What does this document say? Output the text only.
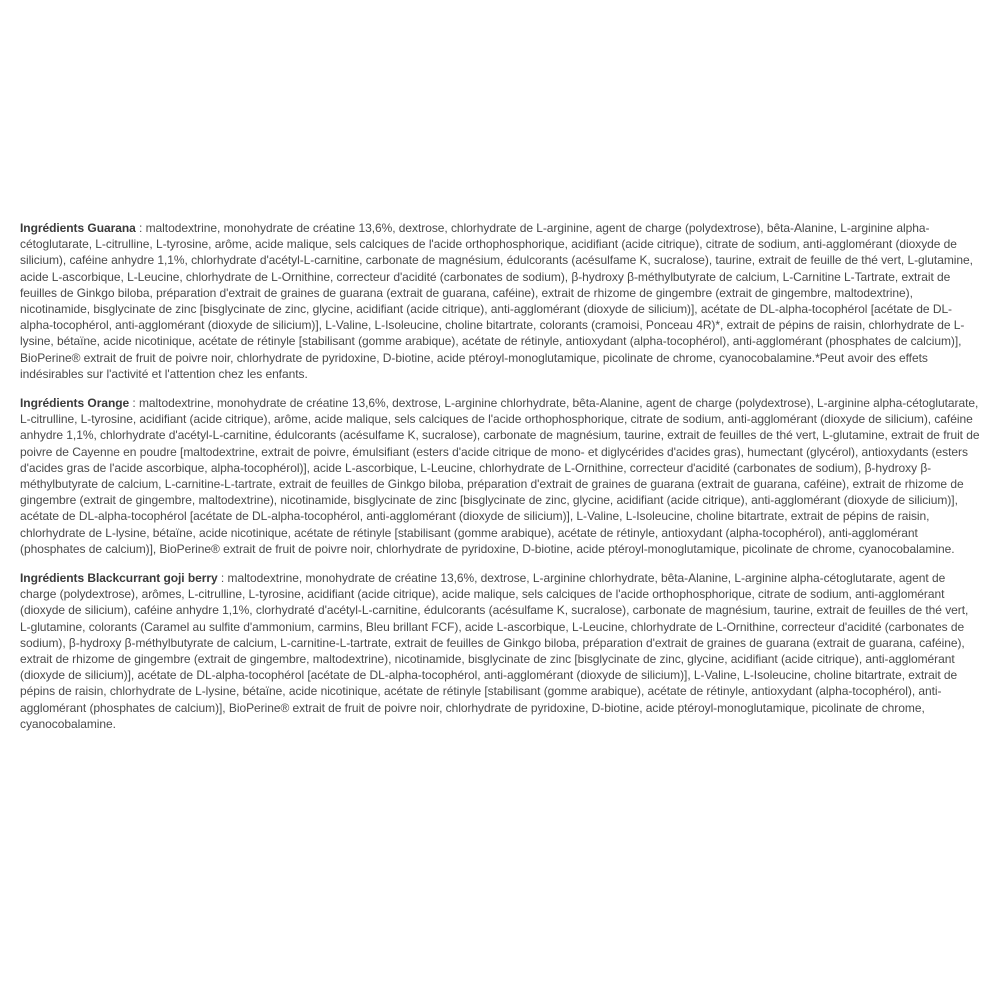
Ingrédients Guarana : maltodextrine, monohydrate de créatine 13,6%, dextrose, chlorhydrate de L-arginine, agent de charge (polydextrose), bêta-Alanine, L-arginine alpha-cétoglutarate, L-citrulline, L-tyrosine, arôme, acide malique, sels calciques de l'acide orthophosphorique, acidifiant (acide citrique), citrate de sodium, anti-agglomérant (dioxyde de silicium), caféine anhydre 1,1%, chlorhydrate d'acétyl-L-carnitine, carbonate de magnésium, édulcorants (acésulfame K, sucralose), taurine, extrait de feuille de thé vert, L-glutamine, acide L-ascorbique, L-Leucine, chlorhydrate de L-Ornithine, correcteur d'acidité (carbonates de sodium), β-hydroxy β-méthylbutyrate de calcium, L-Carnitine L-Tartrate, extrait de feuilles de Ginkgo biloba, préparation d'extrait de graines de guarana (extrait de guarana, caféine), extrait de rhizome de gingembre (extrait de gingembre, maltodextrine), nicotinamide, bisglycinate de zinc [bisglycinate de zinc, glycine, acidifiant (acide citrique), anti-agglomérant (dioxyde de silicium)], acétate de DL-alpha-tocophérol [acétate de DL-alpha-tocophérol, anti-agglomérant (dioxyde de silicium)], L-Valine, L-Isoleucine, choline bitartrate, colorants (cramoisi, Ponceau 4R)*, extrait de pépins de raisin, chlorhydrate de L-lysine, bétaïne, acide nicotinique, acétate de rétinyle [stabilisant (gomme arabique), acétate de rétinyle, antioxydant (alpha-tocophérol), anti-agglomérant (phosphates de calcium)], BioPerine® extrait de fruit de poivre noir, chlorhydrate de pyridoxine, D-biotine, acide ptéroyl-monoglutamique, picolinate de chrome, cyanocobalamine.*Peut avoir des effets indésirables sur l'activité et l'attention chez les enfants.

Ingrédients Orange : maltodextrine, monohydrate de créatine 13,6%, dextrose, L-arginine chlorhydrate, bêta-Alanine, agent de charge (polydextrose), L-arginine alpha-cétoglutarate, L-citrulline, L-tyrosine, acidifiant (acide citrique), arôme, acide malique, sels calciques de l'acide orthophosphorique, citrate de sodium, anti-agglomérant (dioxyde de silicium), caféine anhydre 1,1%, chlorhydrate d'acétyl-L-carnitine, édulcorants (acésulfame K, sucralose), carbonate de magnésium, taurine, extrait de feuilles de thé vert, L-glutamine, extrait de fruit de poivre de Cayenne en poudre [maltodextrine, extrait de poivre, émulsifiant (esters d'acide citrique de mono- et diglycérides d'acides gras), humectant (glycérol), antioxydants (esters d'acides gras de l'acide ascorbique, alpha-tocophérol)], acide L-ascorbique, L-Leucine, chlorhydrate de L-Ornithine, correcteur d'acidité (carbonates de sodium), β-hydroxy β-méthylbutyrate de calcium, L-carnitine-L-tartrate, extrait de feuilles de Ginkgo biloba, préparation d'extrait de graines de guarana (extrait de guarana, caféine), extrait de rhizome de gingembre (extrait de gingembre, maltodextrine), nicotinamide, bisglycinate de zinc [bisglycinate de zinc, glycine, acidifiant (acide citrique), anti-agglomérant (dioxyde de silicium)], acétate de DL-alpha-tocophérol [acétate de DL-alpha-tocophérol, anti-agglomérant (dioxyde de silicium)], L-Valine, L-Isoleucine, choline bitartrate, extrait de pépins de raisin, chlorhydrate de L-lysine, bétaïne, acide nicotinique, acétate de rétinyle [stabilisant (gomme arabique), acétate de rétinyle, antioxydant (alpha-tocophérol), anti-agglomérant (phosphates de calcium)], BioPerine® extrait de fruit de poivre noir, chlorhydrate de pyridoxine, D-biotine, acide ptéroyl-monoglutamique, picolinate de chrome, cyanocobalamine.

Ingrédients Blackcurrant goji berry : maltodextrine, monohydrate de créatine 13,6%, dextrose, L-arginine chlorhydrate, bêta-Alanine, L-arginine alpha-cétoglutarate, agent de charge (polydextrose), arômes, L-citrulline, L-tyrosine, acidifiant (acide citrique), acide malique, sels calciques de l'acide orthophosphorique, citrate de sodium, anti-agglomérant (dioxyde de silicium), caféine anhydre 1,1%, clorhydraté d'acétyl-L-carnitine, édulcorants (acésulfame K, sucralose), carbonate de magnésium, taurine, extrait de feuilles de thé vert, L-glutamine, colorants (Caramel au sulfite d'ammonium, carmins, Bleu brillant FCF), acide L-ascorbique, L-Leucine, chlorhydrate de L-Ornithine, correcteur d'acidité (carbonates de sodium), β-hydroxy β-méthylbutyrate de calcium, L-carnitine-L-tartrate, extrait de feuilles de Ginkgo biloba, préparation d'extrait de graines de guarana (extrait de guarana, caféine), extrait de rhizome de gingembre (extrait de gingembre, maltodextrine), nicotinamide, bisglycinate de zinc [bisglycinate de zinc, glycine, acidifiant (acide citrique), anti-agglomérant (dioxyde de silicium)], acétate de DL-alpha-tocophérol [acétate de DL-alpha-tocophérol, anti-agglomérant (dioxyde de silicium)], L-Valine, L-Isoleucine, choline bitartrate, extrait de pépins de raisin, chlorhydrate de L-lysine, bétaïne, acide nicotinique, acétate de rétinyle [stabilisant (gomme arabique), acétate de rétinyle, antioxydant (alpha-tocophérol), anti-agglomérant (phosphates de calcium)], BioPerine® extrait de fruit de poivre noir, chlorhydrate de pyridoxine, D-biotine, acide ptéroyl-monoglutamique, picolinate de chrome, cyanocobalamine.
